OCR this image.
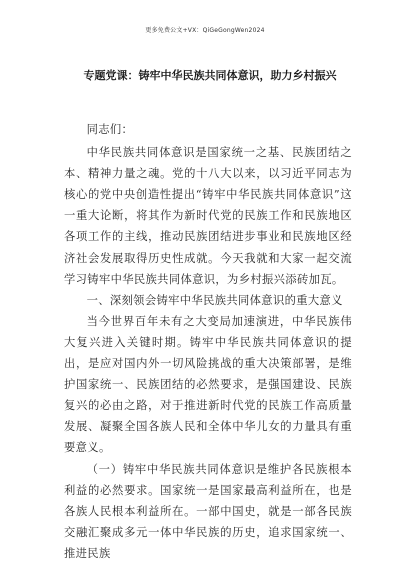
更多免费公文+VX：QiGeGongWen2024
专题党课：铸牢中华民族共同体意识，助力乡村振兴

同志们：

中华民族共同体意识是国家统一之基、民族团结之本、精神力量之魂。党的十八大以来，以习近平同志为核心的党中央创造性提出“铸牢中华民族共同体意识”这一重大论断，将其作为新时代党的民族工作和民族地区各项工作的主线，推动民族团结进步事业和民族地区经济社会发展取得历史性成就。今天我就和大家一起交流学习铸牢中华民族共同体意识，为乡村振兴添砖加瓦。

一、深刻领会铸牢中华民族共同体意识的重大意义

当今世界百年未有之大变局加速演进，中华民族伟大复兴进入关键时期。铸牢中华民族共同体意识的提出，是应对国内外一切风险挑战的重大决策部署，是维护国家统一、民族团结的必然要求，是强国建设、民族复兴的必由之路，对于推进新时代党的民族工作高质量发展、凝聚全国各族人民和全体中华儿女的力量具有重要意义。

（一）铸牢中华民族共同体意识是维护各民族根本利益的必然要求。国家统一是国家最高利益所在，也是各族人民根本利益所在。一部中国史，就是一部各民族交融汇聚成多元一体中华民族的历史，追求国家统一、推进民族
